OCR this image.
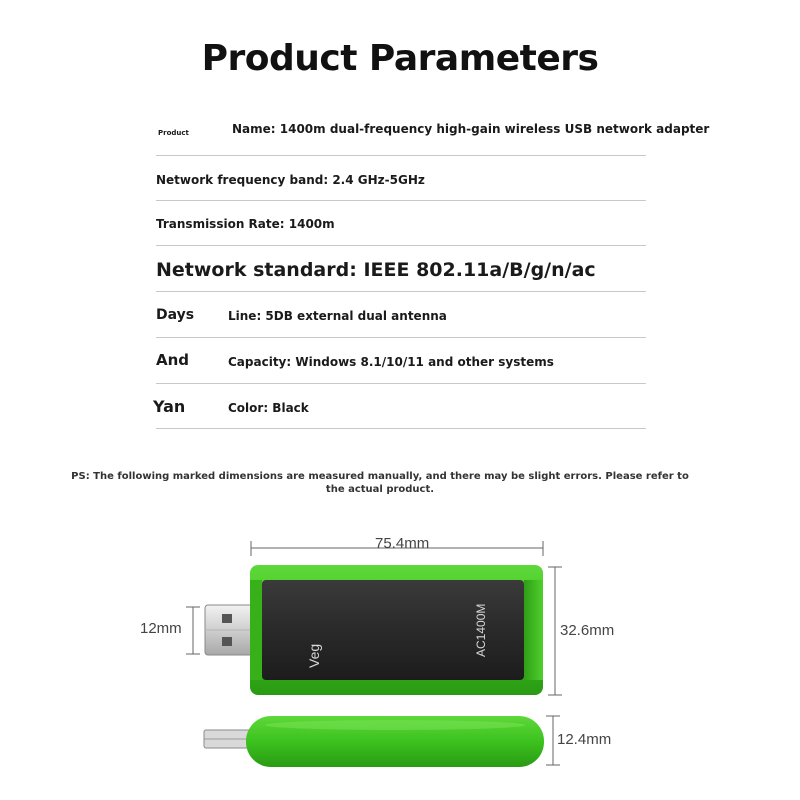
Product Parameters
Product	Name: 1400m dual-frequency high-gain wireless USB network adapter
Network frequency band: 2.4 GHz-5GHz
Transmission Rate: 1400m
Network standard: IEEE 802.11a/B/g/n/ac
Days	Line: 5DB external dual antenna
And	Capacity: Windows 8.1/10/11 and other systems
Yan	Color: Black
PS: The following marked dimensions are measured manually, and there may be slight errors. Please refer to the actual product.
Veg	AC1400M
75.4mm
12mm	32.6mm
12.4mm
